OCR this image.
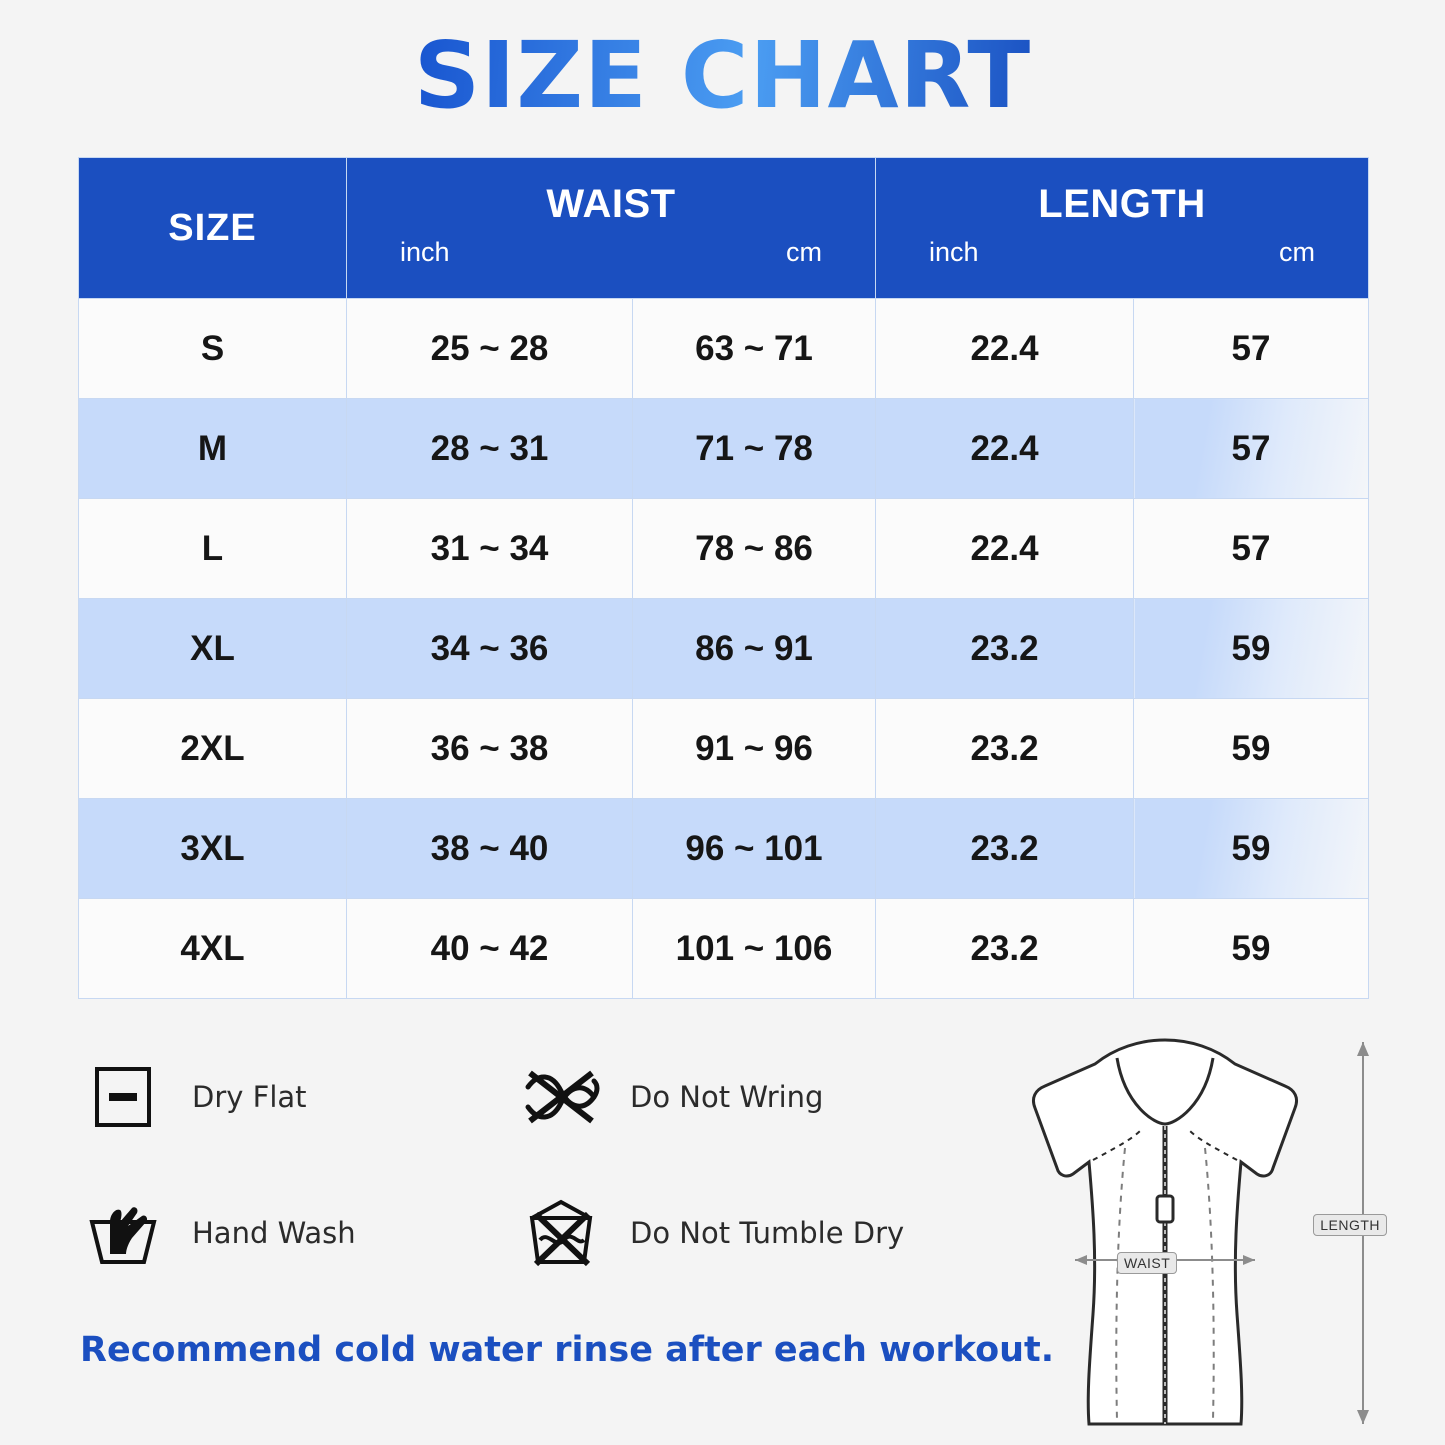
SIZE CHART
SIZE

WAIST
inch	cm

LENGTH
inch	cm

S	25 ~ 28	63 ~ 71	22.4	57
M	28 ~ 31	71 ~ 78	22.4	57
L	31 ~ 34	78 ~ 86	22.4	57
XL	34 ~ 36	86 ~ 91	23.2	59
2XL	36 ~ 38	91 ~ 96	23.2	59
3XL	38 ~ 40	96 ~ 101	23.2	59
4XL	40 ~ 42	101 ~ 106	23.2	59
Dry Flat	Do Not Wring
Hand Wash	Do Not Tumble Dry
Recommend cold water rinse after each workout.
LENGTH
WAIST
